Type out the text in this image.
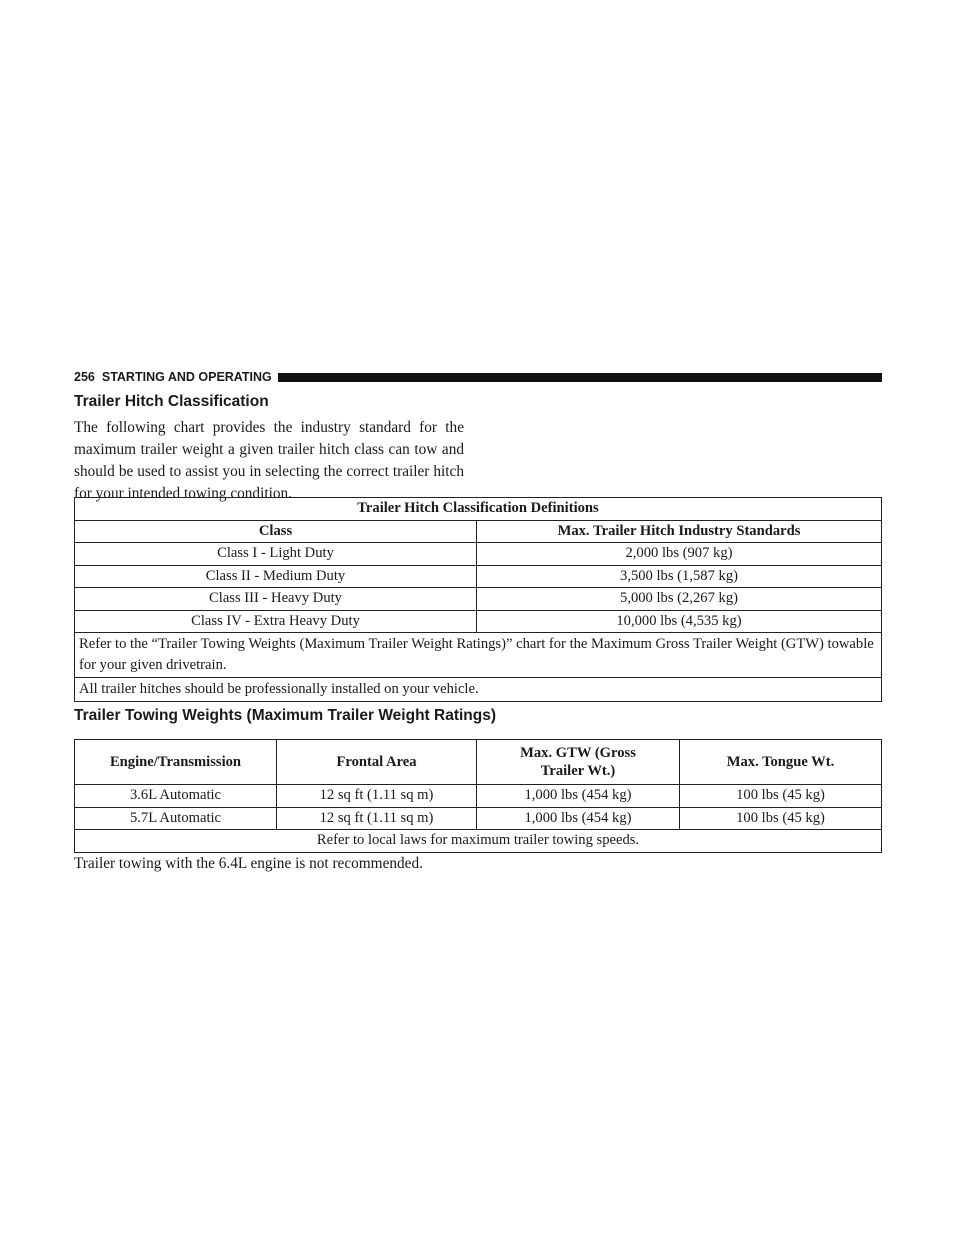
256 STARTING AND OPERATING
Trailer Hitch Classification

The following chart provides the industry standard for the maximum trailer weight a given trailer hitch class can tow and should be used to assist you in selecting the correct trailer hitch for your intended towing condition.

Trailer Hitch Classification Definitions	
Class	Max. Trailer Hitch Industry Standards
Class I - Light Duty	2,000 lbs (907 kg)
Class II - Medium Duty	3,500 lbs (1,587 kg)
Class III - Heavy Duty	5,000 lbs (2,267 kg)
Class IV - Extra Heavy Duty	10,000 lbs (4,535 kg)
Refer to the “Trailer Towing Weights (Maximum Trailer Weight Ratings)” chart for the Maximum Gross Trailer Weight (GTW) towable for your given drivetrain.	
All trailer hitches should be professionally installed on your vehicle.	
Trailer Towing Weights (Maximum Trailer Weight Ratings)
Engine/Transmission	Frontal Area	Max. GTW (Gross Trailer Wt.)	Max. Tongue Wt.
3.6L Automatic	12 sq ft (1.11 sq m)	1,000 lbs (454 kg)	100 lbs (45 kg)
5.7L Automatic	12 sq ft (1.11 sq m)	1,000 lbs (454 kg)	100 lbs (45 kg)
Refer to local laws for maximum trailer towing speeds.			

Trailer towing with the 6.4L engine is not recommended.
